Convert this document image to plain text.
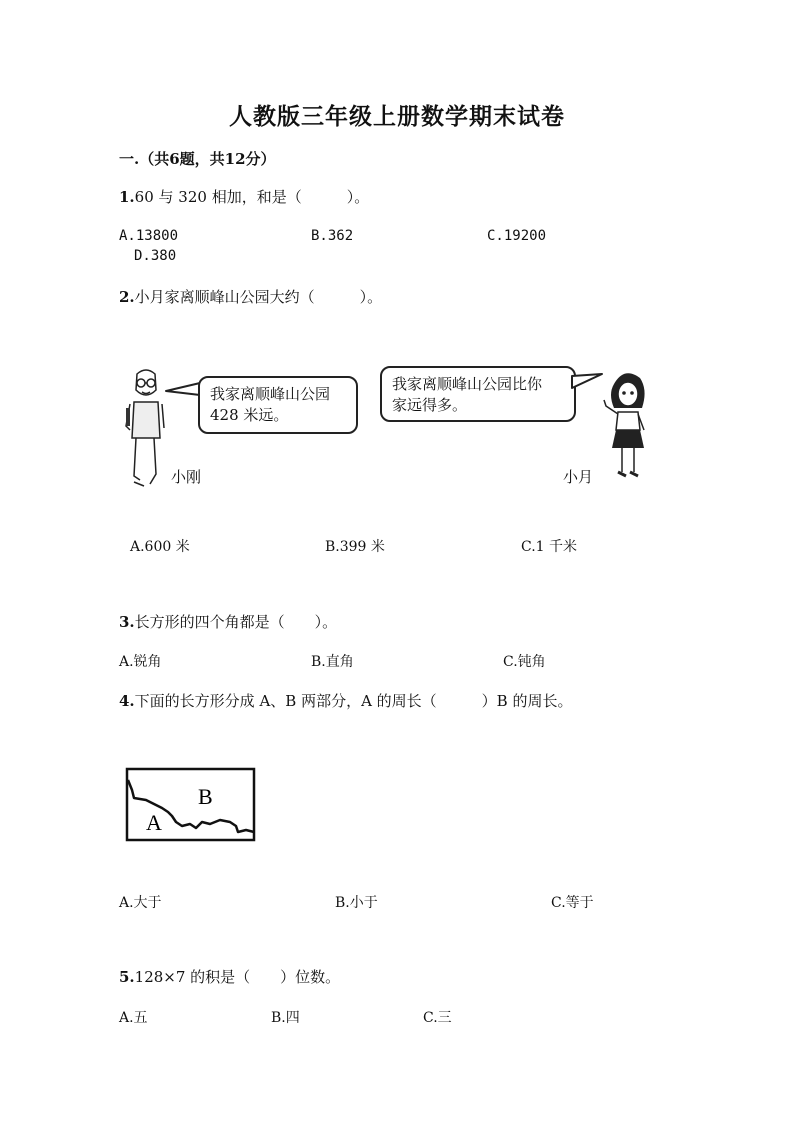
人教版三年级上册数学期末试卷
一.（共6题，共12分）
1.60 与 320 相加，和是（　　　）。
A.13800	B.362	C.19200
D.380
2.小月家离顺峰山公园大约（　　　）。
我家离顺峰山公园
428 米远。
小刚
我家离顺峰山公园比你
家远得多。
小月
A.600 米	B.399 米	C.1 千米
3.长方形的四个角都是（　　）。
A.锐角	B.直角	C.钝角
4.下面的长方形分成 A、B 两部分，A 的周长（　　　）B 的周长。
B
A
A.大于	B.小于	C.等于
5.128×7 的积是（　　）位数。
A.五	B.四	C.三
